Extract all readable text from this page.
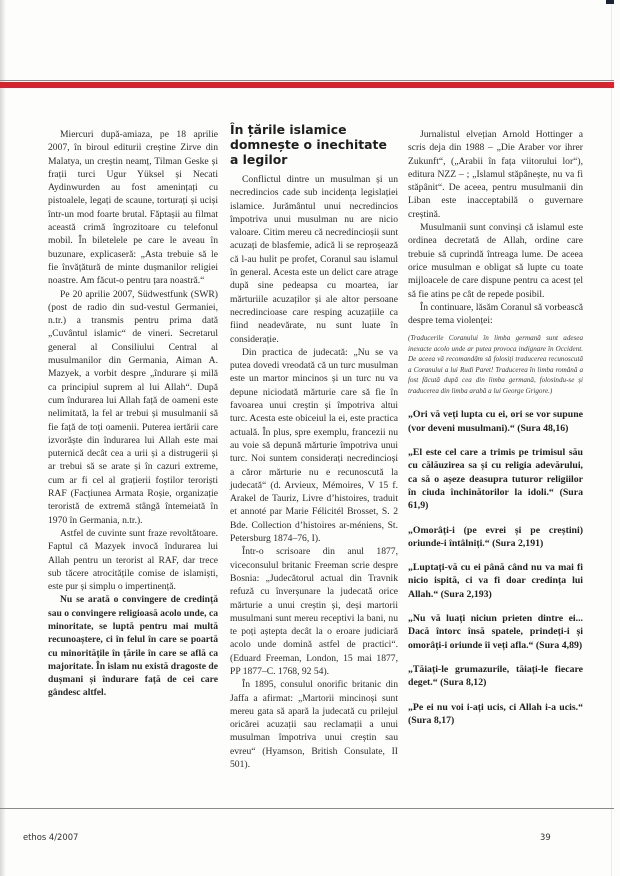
Miercuri după-amiaza, pe 18 aprilie 2007, în biroul editurii creștine Zirve din Malatya, un creștin neamț, Tilman Geske și frații turci Ugur Yüksel și Necati Aydinwurden au fost amenințați cu pistoalele, legați de scaune, torturați și uciși într-un mod foarte brutal. Făptașii au filmat această crimă îngrozitoare cu telefonul mobil. În biletelele pe care le aveau în buzunare, explicaseră: „Asta trebuie să le fie învățătură de minte dușmanilor religiei noastre. Am făcut-o pentru țara noastră.“

Pe 20 aprilie 2007, Südwestfunk (SWR) (post de radio din sud-vestul Germaniei, n.tr.) a transmis pentru prima dată „Cuvântul islamic“ de vineri. Secretarul general al Consiliului Central al musulmanilor din Germania, Aiman A. Mazyek, a vorbit despre „îndurare și milă ca principiul suprem al lui Allah“. După cum îndurarea lui Allah față de oameni este nelimitată, la fel ar trebui și musulmanii să fie față de toți oamenii. Puterea iertării care izvorăște din îndurarea lui Allah este mai puternică decât cea a urii și a distrugerii și ar trebui să se arate și în cazuri extreme, cum ar fi cel al grațierii foștilor teroriști RAF (Facțiunea Armata Roșie, organizație teroristă de extremă stângă întemeiată în 1970 în Germania, n.tr.).

Astfel de cuvinte sunt fraze revoltătoare. Faptul că Mazyek invocă îndurarea lui Allah pentru un terorist al RAF, dar trece sub tăcere atrocitățile comise de islamiști, este pur și simplu o impertinență.

Nu se arată o convingere de credință sau o convingere religioasă acolo unde, ca minoritate, se luptă pentru mai multă recunoaștere, ci în felul în care se poartă cu minoritățile în țările în care se află ca majoritate. În islam nu există dragoste de dușmani și îndurare față de cei care gândesc altfel.

În țările islamice domnește o inechitate a legilor

Conflictul dintre un musulman și un necredincios cade sub incidența legislației islamice. Jurământul unui necredincios împotriva unui musulman nu are nicio valoare. Citim mereu că necredincioșii sunt acuzați de blasfemie, adică li se reproșează că l-au hulit pe profet, Coranul sau islamul în general. Acesta este un delict care atrage după sine pedeapsa cu moartea, iar mărturiile acuzaților și ale altor persoane necredincioase care resping acuzațiile ca fiind neadevărate, nu sunt luate în considerație.

Din practica de judecată: „Nu se va putea dovedi vreodată că un turc musulman este un martor mincinos și un turc nu va depune niciodată mărturie care să fie în favoarea unui creștin și împotriva altui turc. Acesta este obiceiul la ei, este practica actuală. În plus, spre exemplu, francezii nu au voie să depună mărturie împotriva unui turc. Noi suntem considerați necredincioși a căror mărturie nu e recunoscută la judecată“ (d. Arvieux, Mémoires, V 15 f. Arakel de Tauriz, Livre d’histoires, traduit et annoté par Marie Félicitél Brosset, S. 2 Bde. Collection d’histoires ar-méniens, St. Petersburg 1874–76, I).

Într-o scrisoare din anul 1877, viceconsulul britanic Freeman scrie despre Bosnia: „Judecătorul actual din Travnik refuză cu înverșunare la judecată orice mărturie a unui creștin și, deși martorii musulmani sunt mereu receptivi la bani, nu te poți aștepta decât la o eroare judiciară acolo unde domină astfel de practici“. (Eduard Freeman, London, 15 mai 1877, PP 1877–C. 1768, 92 54).

În 1895, consulul onorific britanic din Jaffa a afirmat: „Martorii mincinoși sunt mereu gata să apară la judecată cu prilejul oricărei acuzații sau reclamații a unui musulman împotriva unui creștin sau evreu“ (Hyamson, British Consulate, II 501).

Jurnalistul elvețian Arnold Hottinger a scris deja din 1988 – „Die Araber vor ihrer Zukunft“, („Arabii în fața viitorului lor“), editura NZZ – ; „Islamul stăpânește, nu va fi stăpânit“. De aceea, pentru musulmanii din Liban este inacceptabilă o guvernare creștină.

Musulmanii sunt convinși că islamul este ordinea decretată de Allah, ordine care trebuie să cuprindă întreaga lume. De aceea orice musulman e obligat să lupte cu toate mijloacele de care dispune pentru ca acest țel să fie atins pe cât de repede posibil.

În continuare, lăsăm Coranul să vorbească despre tema violenței:

(Traducerile Coranului în limba germană sunt adesea inexacte acolo unde ar putea provoca indignare în Occident. De aceea vă recomandăm să folosiți traducerea recunoscută a Coranului a lui Rudi Paret! Traducerea în limba română a fost făcută după cea din limba germană, folosindu-se și traducerea din limba arabă a lui George Grigore.)

„Ori vă veți lupta cu ei, ori se vor supune (vor deveni musulmani).“ (Sura 48,16)

„El este cel care a trimis pe trimisul său cu călăuzirea sa și cu religia adevărului, ca să o așeze deasupra tuturor religiilor în ciuda închinătorilor la idoli.“ (Sura 61,9)

„Omorâți-i (pe evrei și pe creștini) oriunde-i întâlniți.“ (Sura 2,191)

„Luptați-vă cu ei până când nu va mai fi nicio ispită, ci va fi doar credința lui Allah.“ (Sura 2,193)

„Nu vă luați niciun prieten dintre ei... Dacă întorc însă spatele, prindeți-i și omorâți-i oriunde îi veți afla.“ (Sura 4,89)

„Tăiați-le grumazurile, tăiați-le fiecare deget.“ (Sura 8,12)

„Pe ei nu voi i-ați ucis, ci Allah i-a ucis.“ (Sura 8,17)

ethos 4/2007	39
